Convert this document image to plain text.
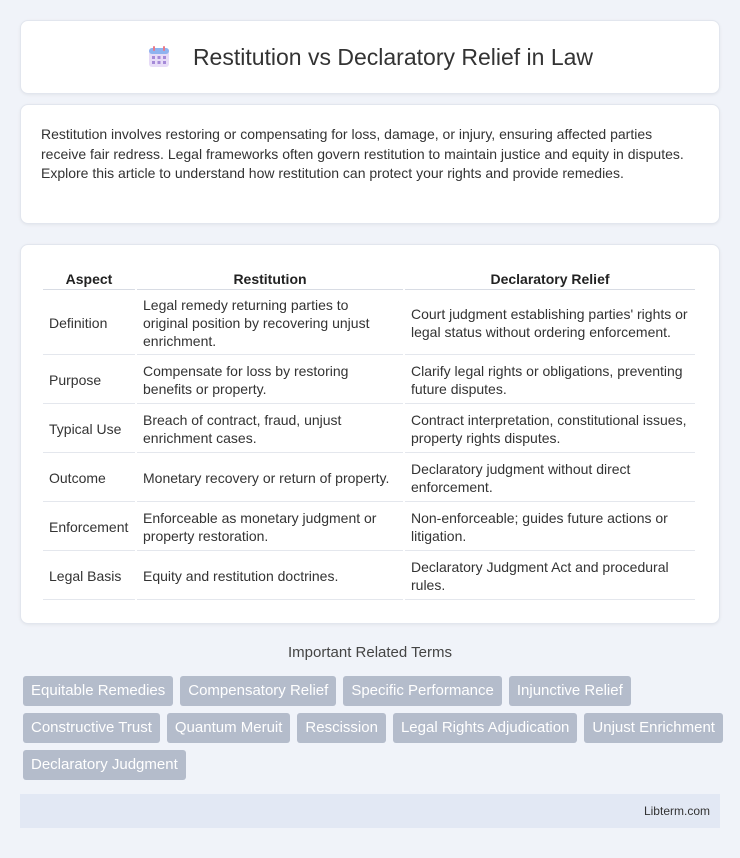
Restitution vs Declaratory Relief in Law

Restitution involves restoring or compensating for loss, damage, or injury, ensuring affected parties receive fair redress. Legal frameworks often govern restitution to maintain justice and equity in disputes. Explore this article to understand how restitution can protect your rights and provide remedies.

Aspect	Restitution	Declaratory Relief
Definition	Legal remedy returning parties to original position by recovering unjust enrichment.	Court judgment establishing parties' rights or legal status without ordering enforcement.
Purpose	Compensate for loss by restoring benefits or property.	Clarify legal rights or obligations, preventing future disputes.
Typical Use	Breach of contract, fraud, unjust enrichment cases.	Contract interpretation, constitutional issues, property rights disputes.
Outcome	Monetary recovery or return of property.	Declaratory judgment without direct enforcement.
Enforcement	Enforceable as monetary judgment or property restoration.	Non-enforceable; guides future actions or litigation.
Legal Basis	Equity and restitution doctrines.	Declaratory Judgment Act and procedural rules.
Important Related Terms
Equitable Remedies	Compensatory Relief	Specific Performance	Injunctive Relief
Constructive Trust	Quantum Meruit	Rescission	Legal Rights Adjudication	Unjust Enrichment
Declaratory Judgment
Libterm.com
